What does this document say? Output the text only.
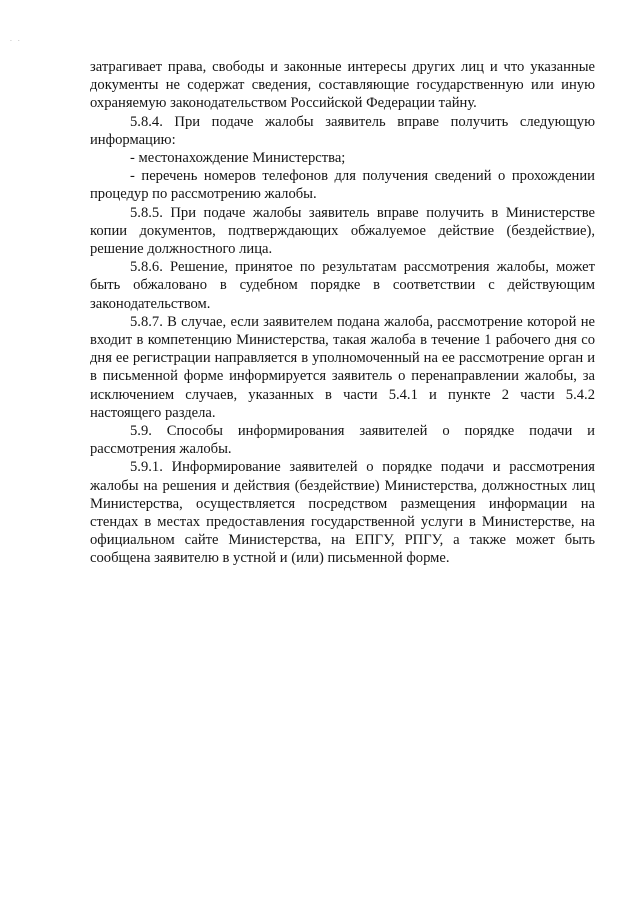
. .

затрагивает права, свободы и законные интересы других лиц и что указанные документы не содержат сведения, составляющие государственную или иную охраняемую законодательством Российской Федерации тайну.

5.8.4. При подаче жалобы заявитель вправе получить следующую информацию:

- местонахождение Министерства;

- перечень номеров телефонов для получения сведений о прохождении процедур по рассмотрению жалобы.

5.8.5. При подаче жалобы заявитель вправе получить в Министерстве копии документов, подтверждающих обжалуемое действие (бездействие), решение должностного лица.

5.8.6. Решение, принятое по результатам рассмотрения жалобы, может быть обжаловано в судебном порядке в соответствии с действующим законодательством.

5.8.7. В случае, если заявителем подана жалоба, рассмотрение которой не входит в компетенцию Министерства, такая жалоба в течение 1 рабочего дня со дня ее регистрации направляется в уполномоченный на ее рассмотрение орган и в письменной форме информируется заявитель о перенаправлении жалобы, за исключением случаев, указанных в части 5.4.1 и пункте 2 части 5.4.2 настоящего раздела.

5.9. Способы информирования заявителей о порядке подачи и рассмотрения жалобы.

5.9.1. Информирование заявителей о порядке подачи и рассмотрения жалобы на решения и действия (бездействие) Министерства, должностных лиц Министерства, осуществляется посредством размещения информации на стендах в местах предоставления государственной услуги в Министерстве, на официальном сайте Министерства, на ЕПГУ, РПГУ, а также может быть сообщена заявителю в устной и (или) письменной форме.
